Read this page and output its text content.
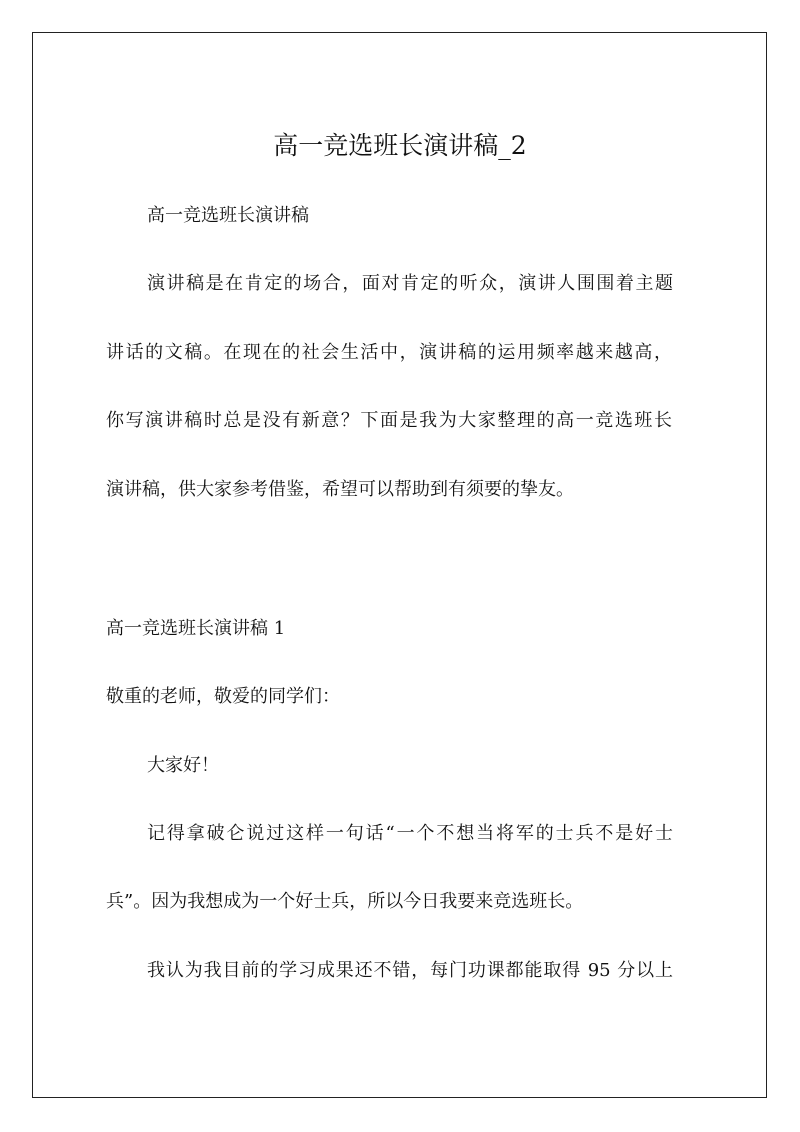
高一竞选班长演讲稿_2
高一竞选班长演讲稿
演讲稿是在肯定的场合，面对肯定的听众，演讲人围围着主题
讲话的文稿。在现在的社会生活中，演讲稿的运用频率越来越高，
你写演讲稿时总是没有新意？下面是我为大家整理的高一竞选班长
演讲稿，供大家参考借鉴，希望可以帮助到有须要的挚友。
高一竞选班长演讲稿 1
敬重的老师，敬爱的同学们：
大家好！
记得拿破仑说过这样一句话“一个不想当将军的士兵不是好士
兵”。因为我想成为一个好士兵，所以今日我要来竞选班长。
我认为我目前的学习成果还不错，每门功课都能取得 95 分以上
